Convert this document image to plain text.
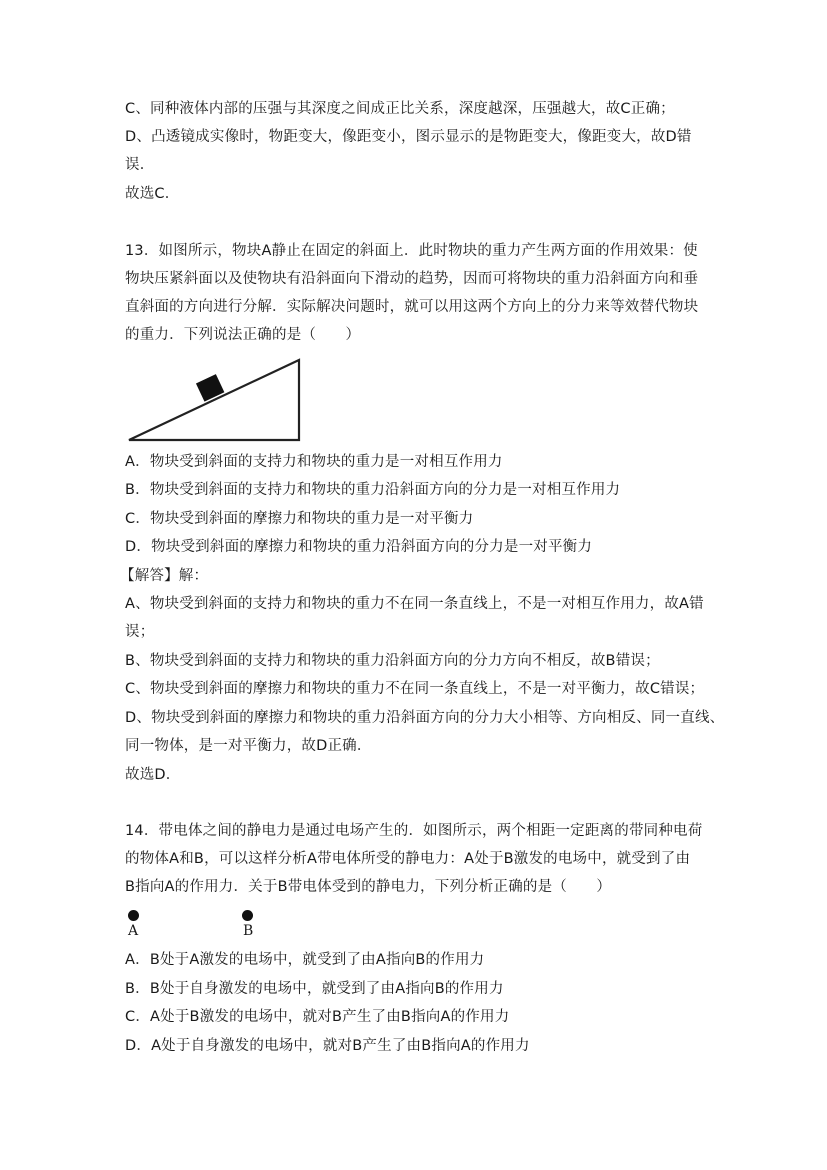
C、同种液体内部的压强与其深度之间成正比关系，深度越深，压强越大，故C正确；
D、凸透镜成实像时，物距变大，像距变小，图示显示的是物距变大，像距变大，故D错
误．
故选C．
13．如图所示，物块A静止在固定的斜面上．此时物块的重力产生两方面的作用效果：使
物块压紧斜面以及使物块有沿斜面向下滑动的趋势，因而可将物块的重力沿斜面方向和垂
直斜面的方向进行分解．实际解决问题时，就可以用这两个方向上的分力来等效替代物块
的重力．下列说法正确的是（　　）
A．物块受到斜面的支持力和物块的重力是一对相互作用力
B．物块受到斜面的支持力和物块的重力沿斜面方向的分力是一对相互作用力
C．物块受到斜面的摩擦力和物块的重力是一对平衡力
D．物块受到斜面的摩擦力和物块的重力沿斜面方向的分力是一对平衡力
【解答】解：
A、物块受到斜面的支持力和物块的重力不在同一条直线上，不是一对相互作用力，故A错
误；
B、物块受到斜面的支持力和物块的重力沿斜面方向的分力方向不相反，故B错误；
C、物块受到斜面的摩擦力和物块的重力不在同一条直线上，不是一对平衡力，故C错误；
D、物块受到斜面的摩擦力和物块的重力沿斜面方向的分力大小相等、方向相反、同一直线、
同一物体，是一对平衡力，故D正确．
故选D．
14．带电体之间的静电力是通过电场产生的．如图所示，两个相距一定距离的带同种电荷
的物体A和B，可以这样分析A带电体所受的静电力：A处于B激发的电场中，就受到了由
B指向A的作用力．关于B带电体受到的静电力，下列分析正确的是（　　）
A	B
A．B处于A激发的电场中，就受到了由A指向B的作用力
B．B处于自身激发的电场中，就受到了由A指向B的作用力
C．A处于B激发的电场中，就对B产生了由B指向A的作用力
D．A处于自身激发的电场中，就对B产生了由B指向A的作用力
